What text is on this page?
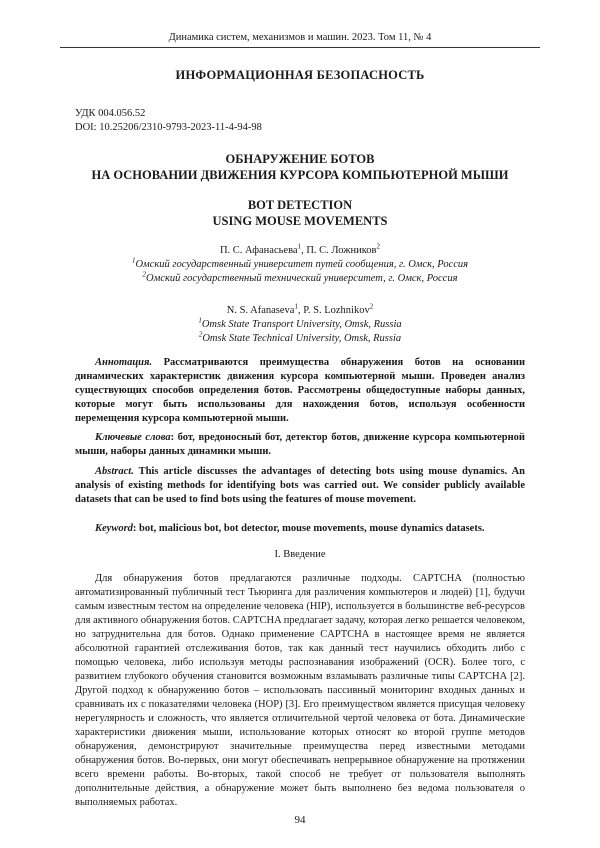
Динамика систем, механизмов и машин. 2023. Том 11, № 4
ИНФОРМАЦИОННАЯ БЕЗОПАСНОСТЬ
УДК 004.056.52
DOI: 10.25206/2310-9793-2023-11-4-94-98
ОБНАРУЖЕНИЕ БОТОВ
НА ОСНОВАНИИ ДВИЖЕНИЯ КУРСОРА КОМПЬЮТЕРНОЙ МЫШИ
BOT DETECTION
USING MOUSE MOVEMENTS
П. С. Афанасьева1, П. С. Ложников2
1Омский государственный университет путей сообщения, г. Омск, Россия
2Омский государственный технический университет, г. Омск, Россия
N. S. Afanaseva1, P. S. Lozhnikov2
1Omsk State Transport University, Omsk, Russia
2Omsk State Technical University, Omsk, Russia
Аннотация. Рассматриваются преимущества обнаружения ботов на основании динамических характеристик движения курсора компьютерной мыши. Проведен анализ существующих способов определения ботов. Рассмотрены общедоступные наборы данных, которые могут быть использованы для нахождения ботов, используя особенности перемещения курсора компьютерной мыши.
Ключевые слова: бот, вредоносный бот, детектор ботов, движение курсора компьютерной мыши, наборы данных динамики мыши.
Abstract. This article discusses the advantages of detecting bots using mouse dynamics. An analysis of existing methods for identifying bots was carried out. We consider publicly available datasets that can be used to find bots using the features of mouse movement.
Keyword: bot, malicious bot, bot detector, mouse movements, mouse dynamics datasets.
I. Введение
Для обнаружения ботов предлагаются различные подходы. CAPTCHA (полностью автоматизированный публичный тест Тьюринга для различения компьютеров и людей) [1], будучи самым известным тестом на определение человека (HIP), используется в большинстве веб-ресурсов для активного обнаружения ботов. CAPTCHA предлагает задачу, которая легко решается человеком, но затруднительна для ботов. Однако применение CAPTCHA в настоящее время не является абсолютной гарантией отслеживания ботов, так как данный тест научились обходить либо с помощью человека, либо используя методы распознавания изображений (OCR). Более того, с развитием глубокого обучения становится возможным взламывать различные типы CAPTCHA [2]. Другой подход к обнаружению ботов – использовать пассивный мониторинг входных данных и сравнивать их с показателями человека (HOP) [3]. Его преимуществом является присущая человеку нерегулярность и сложность, что является отличительной чертой человека от бота. Динамические характеристики движения мыши, использование которых относят ко второй группе методов обнаружения, демонстрируют значительные преимущества перед известными методами обнаружения ботов. Во-первых, они могут обеспечивать непрерывное обнаружение на протяжении всего времени работы. Во-вторых, такой способ не требует от пользователя выполнять дополнительные действия, а обнаружение может быть выполнено без ведома пользователя о выполняемых работах.
94
